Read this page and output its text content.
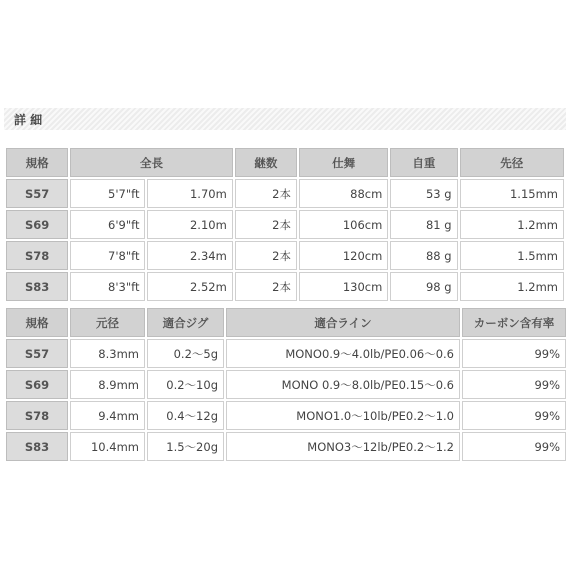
詳 細
規格	全長		継数	仕舞	自重	先径
S57	5'7"ft	1.70m	2本	88cm	53 g	1.15mm
S69	6'9"ft	2.10m	2本	106cm	81 g	1.2mm
S78	7'8"ft	2.34m	2本	120cm	88 g	1.5mm
S83	8'3"ft	2.52m	2本	130cm	98 g	1.2mm
規格	元径	適合ジグ	適合ライン	カーボン含有率
S57	8.3mm	0.2～5g	MONO0.9～4.0lb/PE0.06～0.6	99%
S69	8.9mm	0.2～10g	MONO 0.9～8.0lb/PE0.15～0.6	99%
S78	9.4mm	0.4～12g	MONO1.0～10lb/PE0.2～1.0	99%
S83	10.4mm	1.5～20g	MONO3～12lb/PE0.2～1.2	99%
